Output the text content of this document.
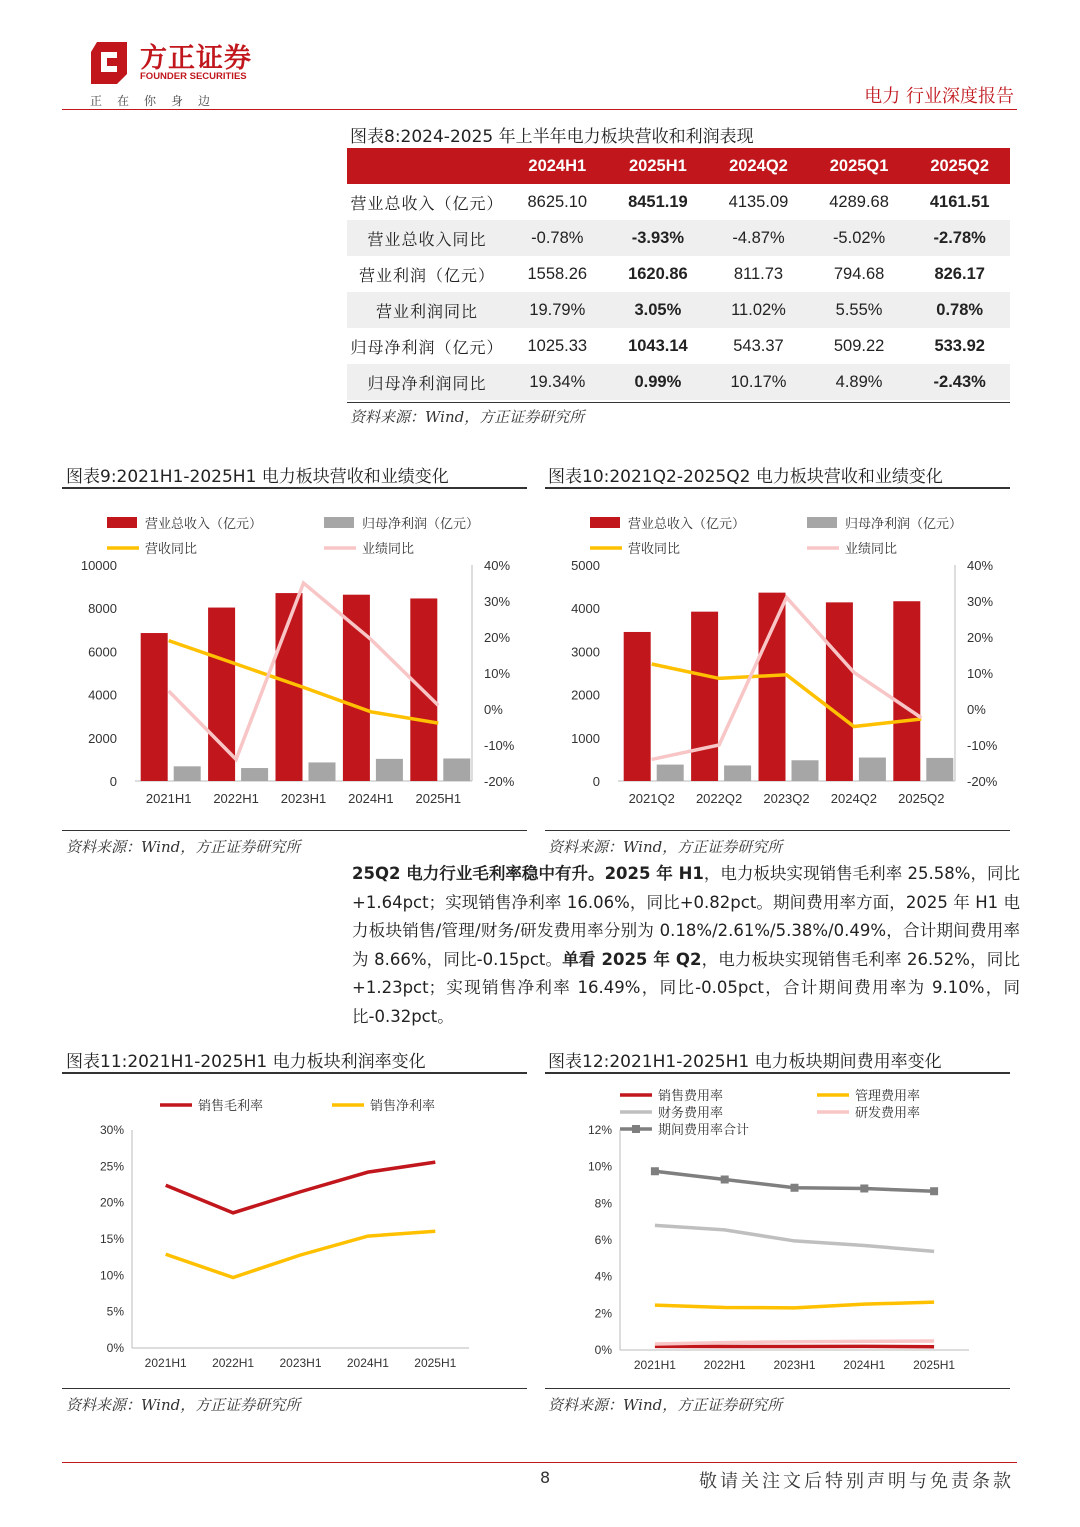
方正证券
FOUNDER SECURITIES
正在你身边	电力 行业深度报告
图表8:2024-2025 年上半年电力板块营收和利润表现
	2024H1	2025H1	2024Q2	2025Q1	2025Q2
营业总收入（亿元）	8625.10	8451.19	4135.09	4289.68	4161.51
营业总收入同比	-0.78%	-3.93%	-4.87%	-5.02%	-2.78%
营业利润（亿元）	1558.26	1620.86	811.73	794.68	826.17
营业利润同比	19.79%	3.05%	11.02%	5.55%	0.78%
归母净利润（亿元）	1025.33	1043.14	543.37	509.22	533.92
归母净利润同比	19.34%	0.99%	10.17%	4.89%	-2.43%
资料来源：Wind，方正证券研究所
图表9:2021H1-2025H1 电力板块营收和业绩变化
营业总收入（亿元）	归母净利润（亿元）
营收同比	业绩同比
0
2000
4000
6000
8000
10000
-20%
-10%
0%
10%
20%
30%
40%
2021H1 2022H1 2023H1 2024H1 2025H1
资料来源：Wind，方正证券研究所
图表10:2021Q2-2025Q2 电力板块营收和业绩变化
营业总收入（亿元）	归母净利润（亿元）
营收同比	业绩同比
0
1000
2000
3000
4000
5000
-20%
-10%
0%
10%
20%
30%
40%
2021Q2 2022Q2 2023Q2 2024Q2 2025Q2
资料来源：Wind，方正证券研究所
25Q2 电力行业毛利率稳中有升。2025 年 H1，电力板块实现销售毛利率 25.58%，同比+1.64pct；实现销售净利率 16.06%，同比+0.82pct。期间费用率方面，2025 年 H1 电力板块销售/管理/财务/研发费用率分别为 0.18%/2.61%/5.38%/0.49%，合计期间费用率为 8.66%，同比-0.15pct。单看 2025 年 Q2，电力板块实现销售毛利率 26.52%，同比+1.23pct；实现销售净利率 16.49%，同比-0.05pct，合计期间费用率为 9.10%，同比-0.32pct。
图表11:2021H1-2025H1 电力板块利润率变化
销售毛利率	销售净利率
0%
5%
10%
15%
20%
25%
30%
2021H1 2022H1 2023H1 2024H1 2025H1
资料来源：Wind，方正证券研究所
图表12:2021H1-2025H1 电力板块期间费用率变化
销售费用率	管理费用率
财务费用率	研发费用率
期间费用率合计
0%
2%
4%
6%
8%
10%
12%
2021H1 2022H1 2023H1 2024H1 2025H1
资料来源：Wind，方正证券研究所
8	敬请关注文后特别声明与免责条款
